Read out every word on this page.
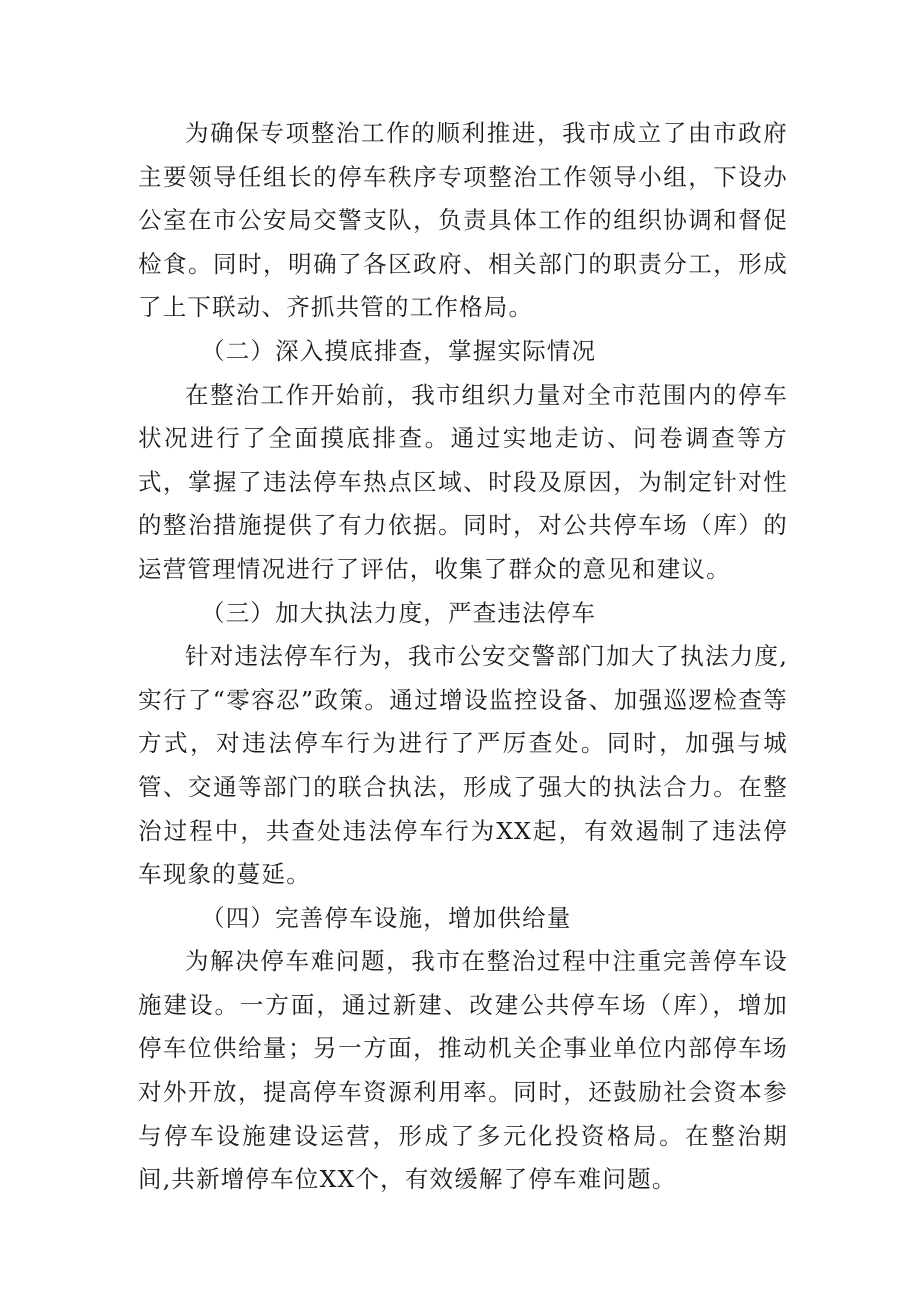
为确保专项整治工作的顺利推进，我市成立了由市政府主要领导任组长的停车秩序专项整治工作领导小组，下设办公室在市公安局交警支队，负责具体工作的组织协调和督促检食。同时，明确了各区政府、相关部门的职责分工，形成了上下联动、齐抓共管的工作格局。

（二）深入摸底排查，掌握实际情况

在整治工作开始前，我市组织力量对全市范围内的停车状况进行了全面摸底排查。通过实地走访、问卷调查等方式，掌握了违法停车热点区域、时段及原因，为制定针对性的整治措施提供了有力依据。同时，对公共停车场（库）的运营管理情况进行了评估，收集了群众的意见和建议。

（三）加大执法力度，严查违法停车

针对违法停车行为，我市公安交警部门加大了执法力度,实行了“零容忍”政策。通过增设监控设备、加强巡逻检查等方式，对违法停车行为进行了严厉查处。同时，加强与城管、交通等部门的联合执法，形成了强大的执法合力。在整治过程中，共查处违法停车行为XX起，有效遏制了违法停车现象的蔓延。

（四）完善停车设施，增加供给量

为解决停车难问题，我市在整治过程中注重完善停车设施建设。一方面，通过新建、改建公共停车场（库），增加停车位供给量；另一方面，推动机关企事业单位内部停车场对外开放，提高停车资源利用率。同时，还鼓励社会资本参与停车设施建设运营，形成了多元化投资格局。在整治期间,共新增停车位XX个，有效缓解了停车难问题。
